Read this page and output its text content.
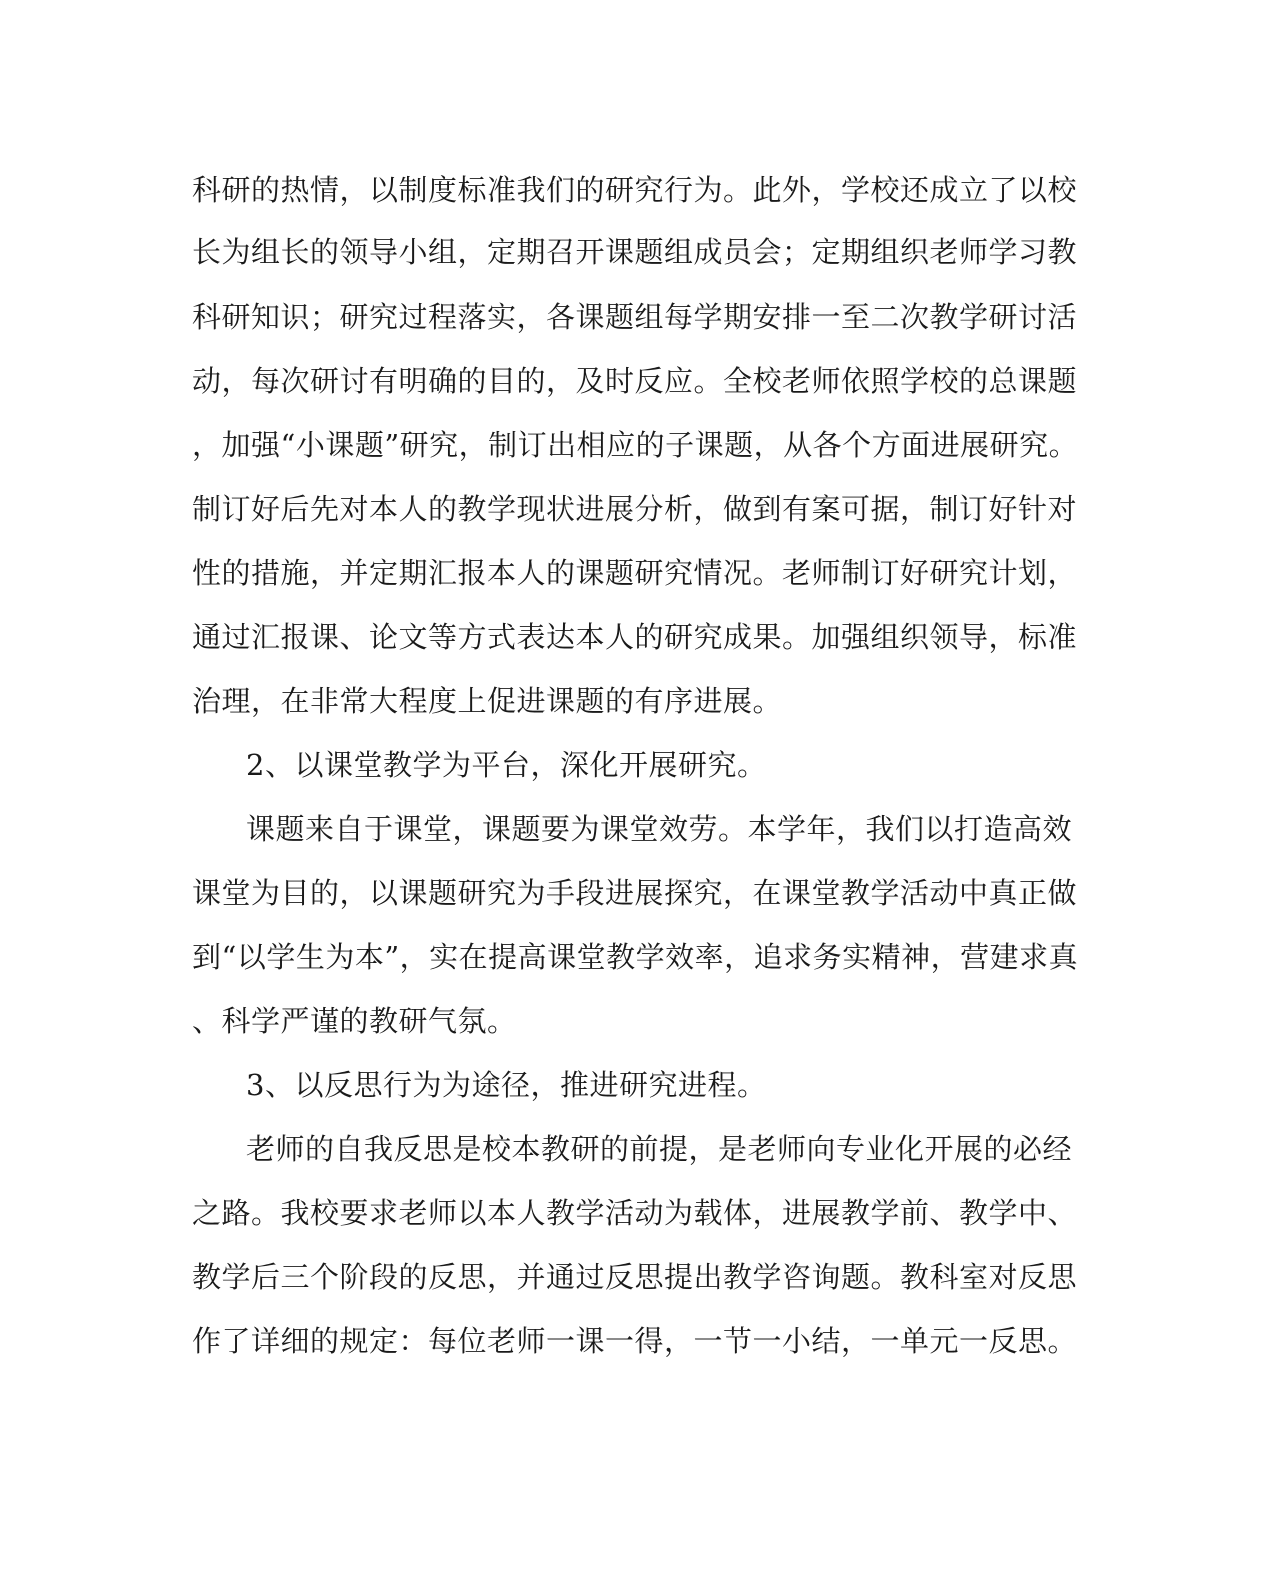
科研的热情，以制度标准我们的研究行为。此外，学校还成立了以校
长为组长的领导小组，定期召开课题组成员会；定期组织老师学习教
科研知识；研究过程落实，各课题组每学期安排一至二次教学研讨活
动，每次研讨有明确的目的，及时反应。全校老师依照学校的总课题
，加强“小课题”研究，制订出相应的子课题，从各个方面进展研究。
制订好后先对本人的教学现状进展分析，做到有案可据，制订好针对
性的措施，并定期汇报本人的课题研究情况。老师制订好研究计划，
通过汇报课、论文等方式表达本人的研究成果。加强组织领导，标准
治理，在非常大程度上促进课题的有序进展。
2、以课堂教学为平台，深化开展研究。
课题来自于课堂，课题要为课堂效劳。本学年，我们以打造高效
课堂为目的，以课题研究为手段进展探究，在课堂教学活动中真正做
到“以学生为本”，实在提高课堂教学效率，追求务实精神，营建求真
、科学严谨的教研气氛。
3、以反思行为为途径，推进研究进程。
老师的自我反思是校本教研的前提，是老师向专业化开展的必经
之路。我校要求老师以本人教学活动为载体，进展教学前、教学中、
教学后三个阶段的反思，并通过反思提出教学咨询题。教科室对反思
作了详细的规定：每位老师一课一得，一节一小结，一单元一反思。
